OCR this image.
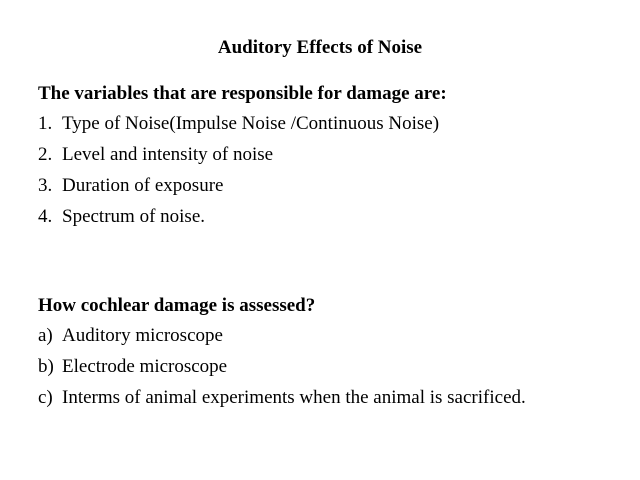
Auditory Effects of Noise
The variables that are responsible for damage are:
1. Type of Noise(Impulse Noise /Continuous Noise)
2. Level and intensity of noise
3. Duration of exposure
4. Spectrum of noise.
How cochlear damage is assessed?
a) Auditory microscope
b) Electrode microscope
c) Interms of animal experiments when the animal is sacrificed.
